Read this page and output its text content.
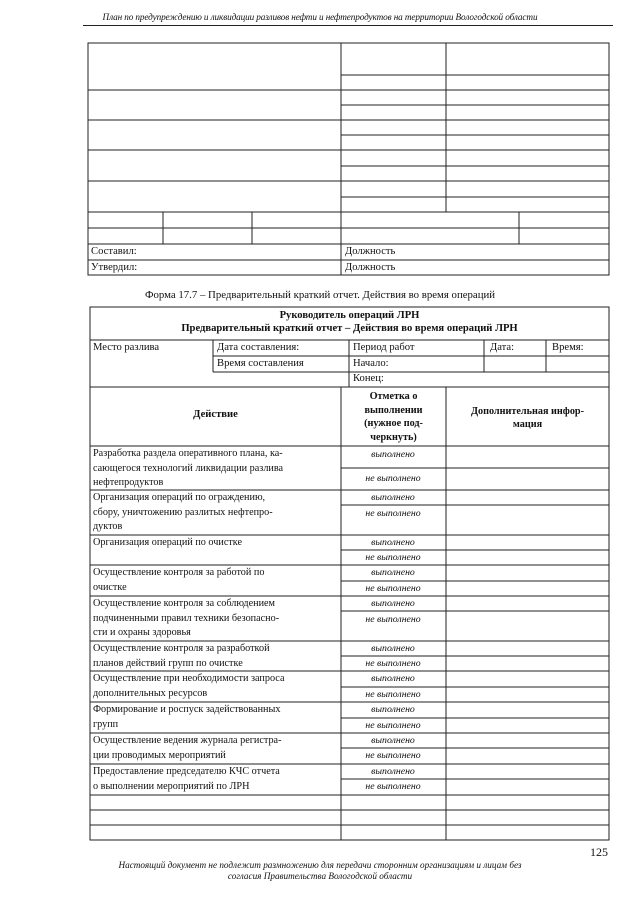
План по предупреждению и ликвидации разливов нефти и нефтепродуктов на территории Вологодской области
Составил:
Утвердил:
Должность
Должность
Форма 17.7 – Предварительный краткий отчет. Действия во время операций
Руководитель операций ЛРН
Предварительный краткий отчет – Действия во время операций ЛРН
Место разлива	Дата составления:
Время составления
Период работ
Начало:
Конец:
Дата:	Время:
Действие
Отметка о
выполнении
(нужное под-
черкнуть)
Дополнительная инфор-
мация
Разработка раздела оперативного плана, ка-
сающегося технологий ликвидации разлива
нефтепродуктов
Организация операций по ограждению,
сбору, уничтожению разлитых нефтепро-
дуктов
Организация операций по очистке
Осуществление контроля за работой по
очистке
Осуществление контроля за соблюдением
подчиненными правил техники безопасно-
сти и охраны здоровья
Осуществление контроля за разработкой
планов действий групп по очистке
Осуществление при необходимости запроса
дополнительных ресурсов
Формирование и роспуск задействованных
групп
Осуществление ведения журнала регистра-
ции проводимых мероприятий
Предоставление председателю КЧС отчета
о выполнении мероприятий по ЛРН
выполнено
не выполнено
выполнено
не выполнено
выполнено
не выполнено
выполнено
не выполнено
выполнено
не выполнено
выполнено
не выполнено
выполнено
не выполнено
выполнено
не выполнено
выполнено
не выполнено
выполнено
не выполнено
125
Настоящий документ не подлежит размножению для передачи сторонним организациям и лицам без
согласия Правительства Вологодской области
